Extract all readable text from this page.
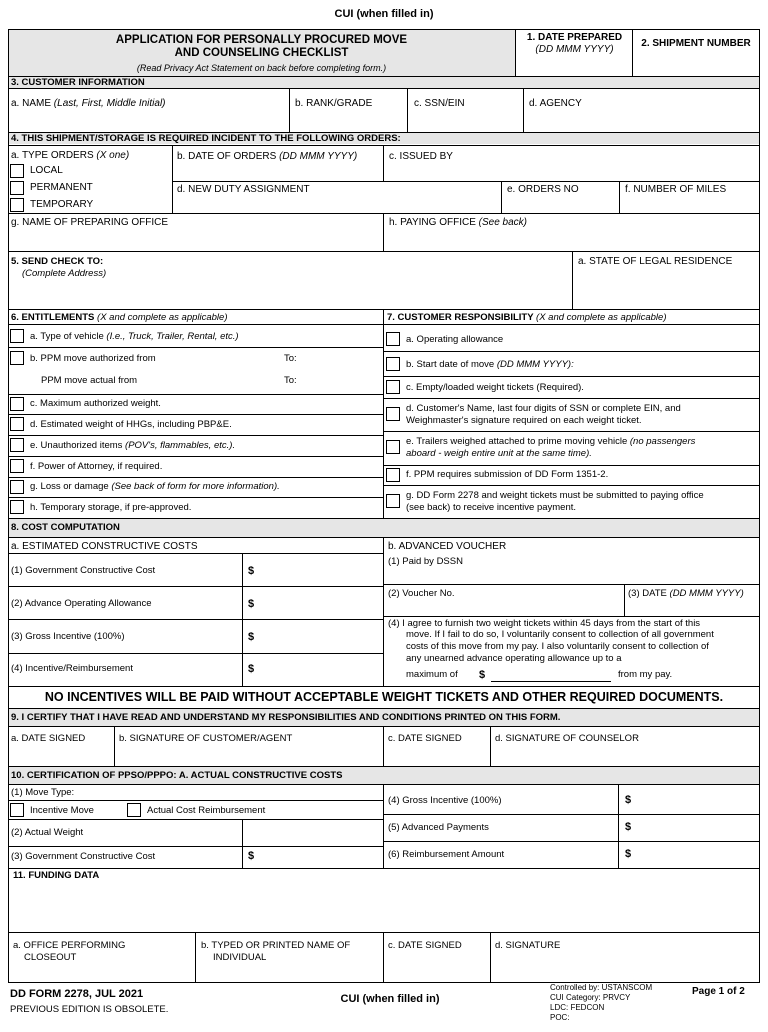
CUI (when filled in)
APPLICATION FOR PERSONALLY PROCURED MOVE
AND COUNSELING CHECKLIST
(Read Privacy Act Statement on back before completing form.)
1. DATE PREPARED
(DD MMM YYYY)
2. SHIPMENT NUMBER
3. CUSTOMER INFORMATION
a. NAME (Last, First, Middle Initial)	b. RANK/GRADE	c. SSN/EIN	d. AGENCY
4. THIS SHIPMENT/STORAGE IS REQUIRED INCIDENT TO THE FOLLOWING ORDERS:
a. TYPE ORDERS (X one)
LOCAL
PERMANENT
TEMPORARY
b. DATE OF ORDERS (DD MMM YYYY)	c. ISSUED BY
d. NEW DUTY ASSIGNMENT	e. ORDERS NO	f. NUMBER OF MILES
g. NAME OF PREPARING OFFICE	h. PAYING OFFICE (See back)
5. SEND CHECK TO:
(Complete Address)
a. STATE OF LEGAL RESIDENCE
6. ENTITLEMENTS (X and complete as applicable)	7. CUSTOMER RESPONSIBILITY (X and complete as applicable)
a. Type of vehicle (I.e., Truck, Trailer, Rental, etc.)
b. PPM move authorized from	To:
PPM move actual from	To:
c. Maximum authorized weight.
d. Estimated weight of HHGs, including PBP&E.
e. Unauthorized items (POV's, flammables, etc.).
f. Power of Attorney, if required.
g. Loss or damage (See back of form for more information).
h. Temporary storage, if pre-approved.
a. Operating allowance
b. Start date of move (DD MMM YYYY):
c. Empty/loaded weight tickets (Required).
d. Customer's Name, last four digits of SSN or complete EIN, and
Weighmaster's signature required on each weight ticket.
e. Trailers weighed attached to prime moving vehicle (no passengers
aboard - weigh entire unit at the same time).
f. PPM requires submission of DD Form 1351-2.
g. DD Form 2278 and weight tickets must be submitted to paying office
(see back) to receive incentive payment.
8. COST COMPUTATION
a. ESTIMATED CONSTRUCTIVE COSTS	b. ADVANCED VOUCHER
(1) Government Constructive Cost	$
(2) Advance Operating Allowance	$
(3) Gross Incentive (100%)	$
(4) Incentive/Reimbursement	$
(1) Paid by DSSN
(2) Voucher No.	(3) DATE (DD MMM YYYY)
(4) I agree to furnish two weight tickets within 45 days from the start of this
move. If I fail to do so, I voluntarily consent to collection of all government
costs of this move from my pay. I also voluntarily consent to collection of
any unearned advance operating allowance up to a
maximum of $	from my pay.
NO INCENTIVES WILL BE PAID WITHOUT ACCEPTABLE WEIGHT TICKETS AND OTHER REQUIRED DOCUMENTS.
9. I CERTIFY THAT I HAVE READ AND UNDERSTAND MY RESPONSIBILITIES AND CONDITIONS PRINTED ON THIS FORM.
a. DATE SIGNED	b. SIGNATURE OF CUSTOMER/AGENT	c. DATE SIGNED	d. SIGNATURE OF COUNSELOR
10. CERTIFICATION OF PPSO/PPPO: A. ACTUAL CONSTRUCTIVE COSTS
(1) Move Type:
Incentive Move	Actual Cost Reimbursement
(2) Actual Weight
(3) Government Constructive Cost	$
(4) Gross Incentive (100%)	$
(5) Advanced Payments	$
(6) Reimbursement Amount	$
11. FUNDING DATA
a. OFFICE PERFORMING
CLOSEOUT
b. TYPED OR PRINTED NAME OF
INDIVIDUAL
c. DATE SIGNED	d. SIGNATURE
DD FORM 2278, JUL 2021
PREVIOUS EDITION IS OBSOLETE.
CUI (when filled in)
Controlled by: USTANSCOM
CUI Category: PRVCY
LDC: FEDCON
POC:
Page 1 of 2
